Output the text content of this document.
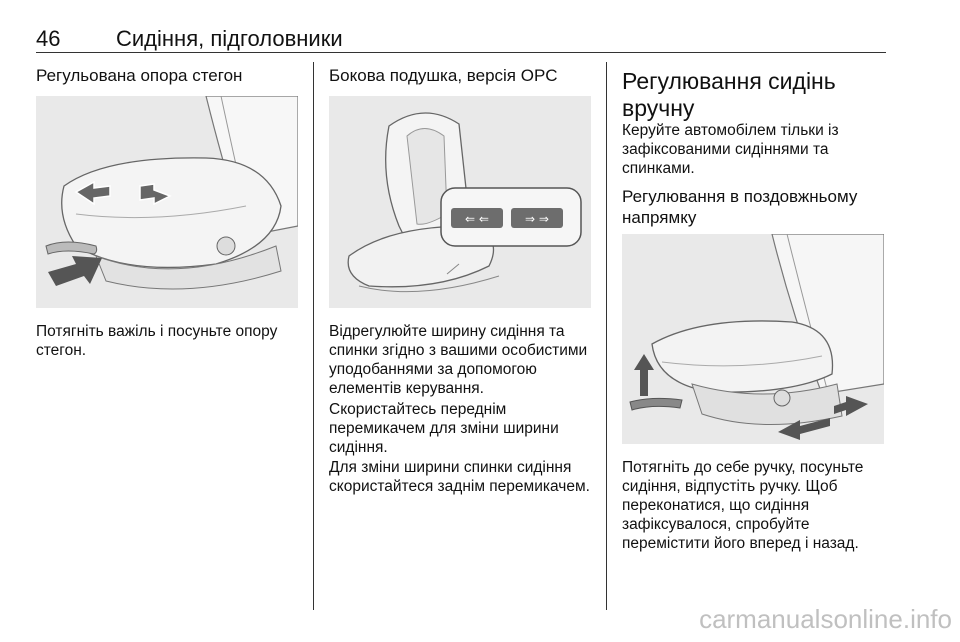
46	Сидіння, підголовники
Регульована опора стегон
Потягніть важіль і посуньте опору стегон.
Бокова подушка, версія OPC
⇐ ⇐	⇒ ⇒
Відрегулюйте ширину сидіння та спинки згідно з вашими особистими уподобаннями за допомогою елементів керування.
Скористайтесь переднім перемикачем для зміни ширини сидіння.
Для зміни ширини спинки сидіння скористайтеся заднім перемикачем.
Регулювання сидінь
вручну
Керуйте автомобілем тільки із зафіксованими сидіннями та спинками.
Регулювання в поздовжньому
напрямку
Потягніть до себе ручку, посуньте сидіння, відпустіть ручку. Щоб переконатися, що сидіння зафіксувалося, спробуйте перемістити його вперед і назад.
carmanualsonline.info
